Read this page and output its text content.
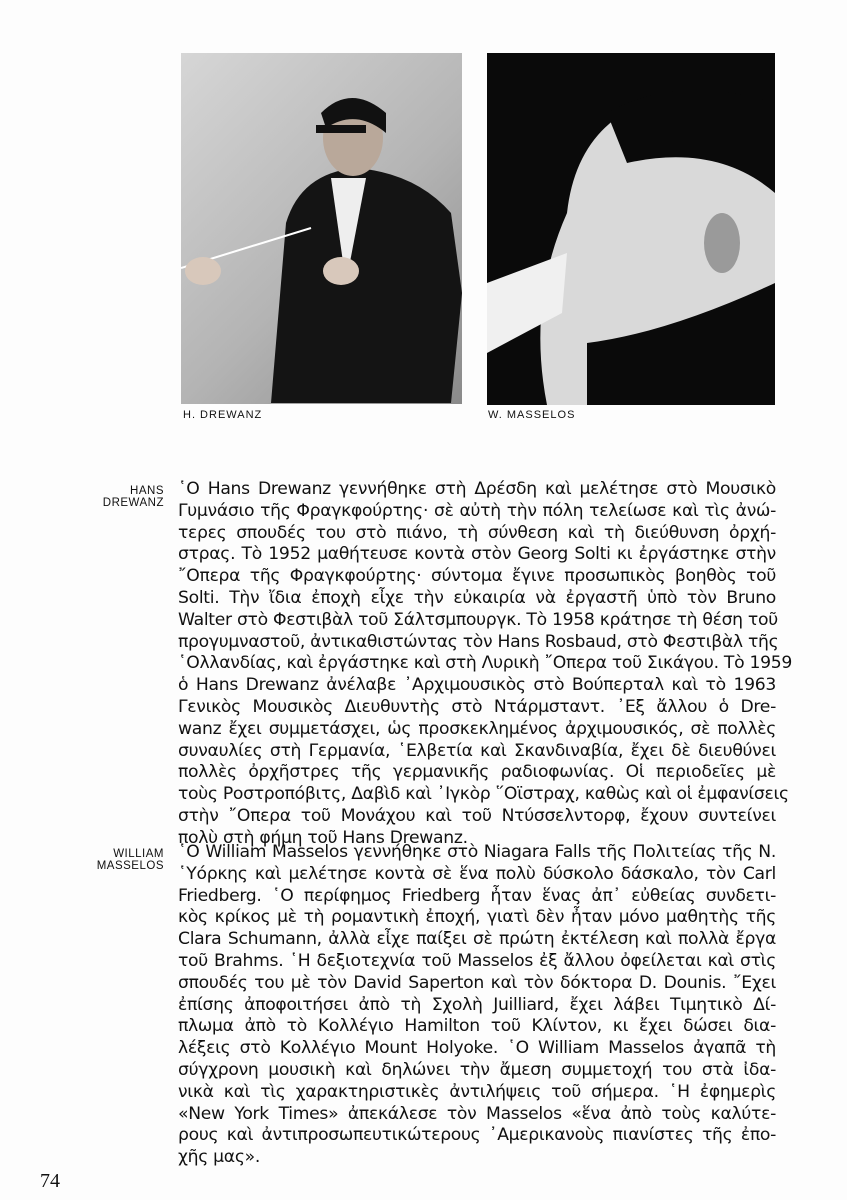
H. DREWANZ	W. MASSELOS
HANS
DREWANZ
῾Ο Hans Drewanz γεννήθηκε στὴ Δρέσδη καὶ μελέτησε στὸ Μουσικὸ
Γυμνάσιο τῆς Φραγκφούρτης· σὲ αὐτὴ τὴν πόλη τελείωσε καὶ τὶς ἀνώ-
τερες σπουδές του στὸ πιάνο, τὴ σύνθεση καὶ τὴ διεύθυνση ὀρχή-
στρας. Τὸ 1952 μαθήτευσε κοντὰ στὸν Georg Solti κι ἐργάστηκε στὴν
῎Οπερα τῆς Φραγκφούρτης· σύντομα ἔγινε προσωπικὸς βοηθὸς τοῦ
Solti. Τὴν ἴδια ἐποχὴ εἶχε τὴν εὐκαιρία νὰ ἐργαστῆ ὑπὸ τὸν Bruno
Walter στὸ Φεστιβὰλ τοῦ Σάλτσμπουργκ. Τὸ 1958 κράτησε τὴ θέση τοῦ
προγυμναστοῦ, ἀντικαθιστώντας τὸν Hans Rosbaud, στὸ Φεστιβὰλ τῆς
῾Ολλανδίας, καὶ ἐργάστηκε καὶ στὴ Λυρικὴ ῎Οπερα τοῦ Σικάγου. Τὸ 1959
ὁ Hans Drewanz ἀνέλαβε ᾽Αρχιμουσικὸς στὸ Βούπερταλ καὶ τὸ 1963
Γενικὸς Μουσικὸς Διευθυντὴς στὸ Ντάρμσταντ. ᾽Εξ ἄλλου ὁ Dre-
wanz ἔχει συμμετάσχει, ὡς προσκεκλημένος ἀρχιμουσικός, σὲ πολλὲς
συναυλίες στὴ Γερμανία, ῾Ελβετία καὶ Σκανδιναβία, ἔχει δὲ διευθύνει
πολλὲς ὀρχῆστρες τῆς γερμανικῆς ραδιοφωνίας. Οἱ περιοδεῖες μὲ
τοὺς Ροστροπόβιτς, Δαβὶδ καὶ ᾽Ιγκὸρ ῞Οϊστραχ, καθὼς καὶ οἱ ἐμφανίσεις
στὴν ῎Οπερα τοῦ Μονάχου καὶ τοῦ Ντύσσελντορφ, ἔχουν συντείνει
πολὺ στὴ φήμη τοῦ Hans Drewanz.
WILLIAM
MASSELOS
῾Ο William Masselos γεννήθηκε στὸ Niagara Falls τῆς Πολιτείας τῆς Ν.
῾Υόρκης καὶ μελέτησε κοντὰ σὲ ἕνα πολὺ δύσκολο δάσκαλο, τὸν Carl
Friedberg. ῾Ο περίφημος Friedberg ἦταν ἕνας ἀπ᾽ εὐθείας συνδετι-
κὸς κρίκος μὲ τὴ ρομαντικὴ ἐποχή, γιατὶ δὲν ἦταν μόνο μαθητὴς τῆς
Clara Schumann, ἀλλὰ εἶχε παίξει σὲ πρώτη ἐκτέλεση καὶ πολλὰ ἔργα
τοῦ Brahms. ῾Η δεξιοτεχνία τοῦ Masselos ἐξ ἄλλου ὀφείλεται καὶ στὶς
σπουδές του μὲ τὸν David Saperton καὶ τὸν δόκτορα D. Dounis. ῎Εχει
ἐπίσης ἀποφοιτήσει ἀπὸ τὴ Σχολὴ Juilliard, ἔχει λάβει Τιμητικὸ Δί-
πλωμα ἀπὸ τὸ Κολλέγιο Hamilton τοῦ Κλίντον, κι ἔχει δώσει δια-
λέξεις στὸ Κολλέγιο Mount Holyoke. ῾Ο William Masselos ἀγαπᾶ τὴ
σύγχρονη μουσικὴ καὶ δηλώνει τὴν ἄμεση συμμετοχή του στὰ ἰδα-
νικὰ καὶ τὶς χαρακτηριστικὲς ἀντιλήψεις τοῦ σήμερα. ῾Η ἐφημερὶς
«New York Times» ἀπεκάλεσε τὸν Masselos «ἕνα ἀπὸ τοὺς καλύτε-
ρους καὶ ἀντιπροσωπευτικώτερους ᾽Αμερικανοὺς πιανίστες τῆς ἐπο-
χῆς μας».
74
